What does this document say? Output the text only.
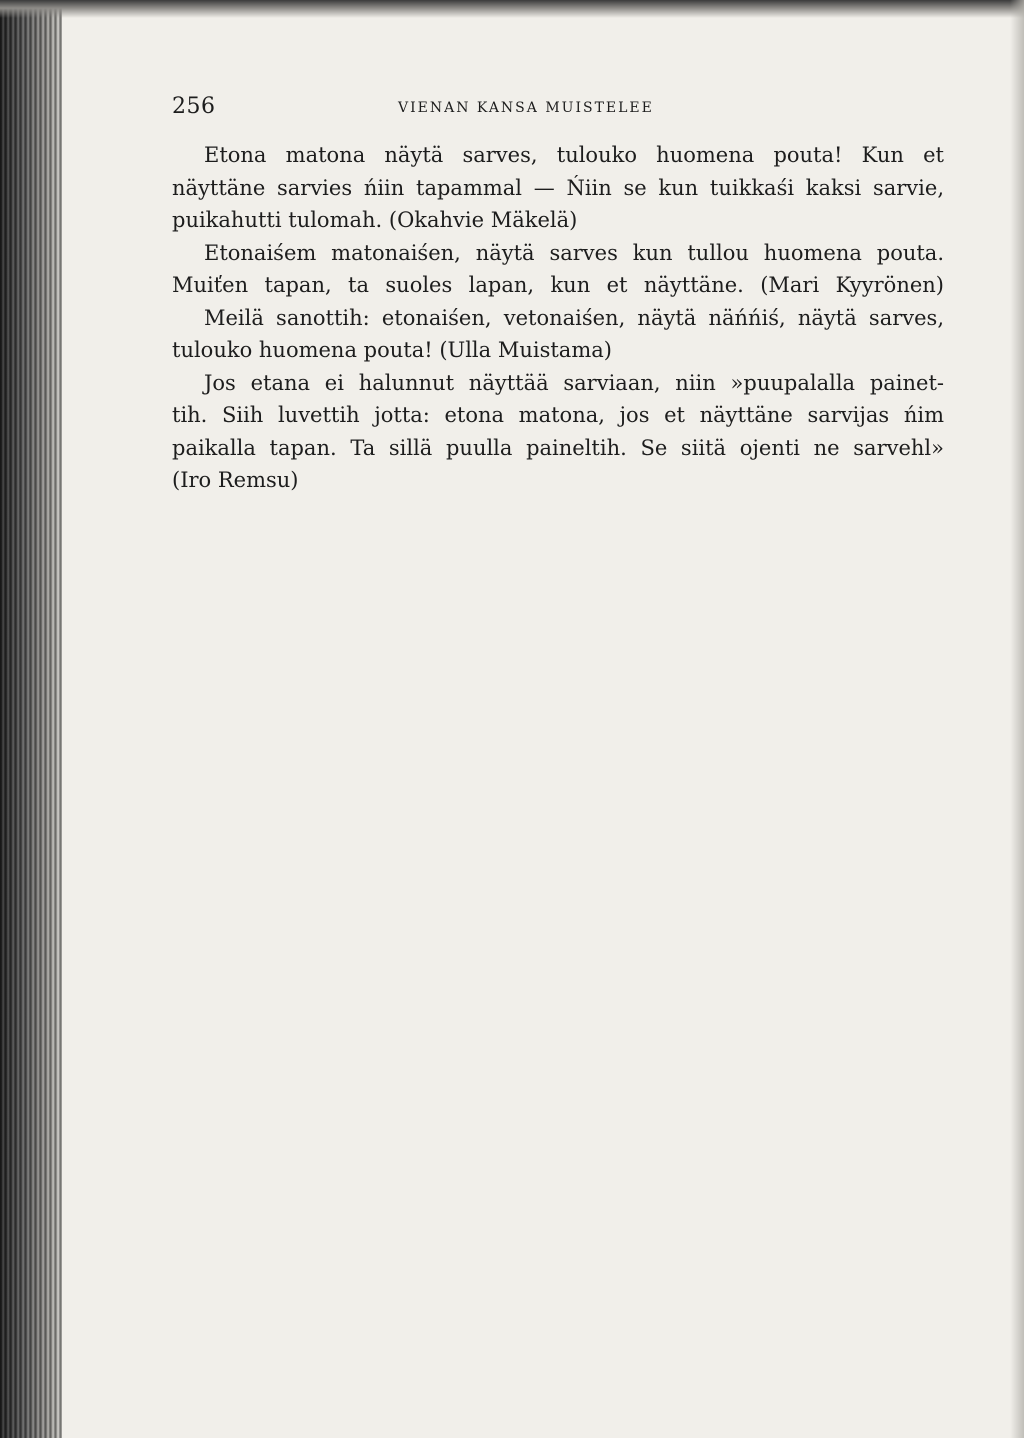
256	VIENAN KANSA MUISTELEE
Etona matona näytä sarves, tulouko huomena pouta! Kun et
näyttäne sarvies ńiin tapammal — Ńiin se kun tuikkaśi kaksi sarvie,
puikahutti tulomah. (Okahvie Mäkelä)
Etonaiśem matonaiśen, näytä sarves kun tullou huomena pouta.
Muiťen tapan, ta suoles lapan, kun et näyttäne. (Mari Kyyrönen)
Meilä sanottih: etonaiśen, vetonaiśen, näytä näńńiś, näytä sarves,
tulouko huomena pouta! (Ulla Muistama)
Jos etana ei halunnut näyttää sarviaan, niin »puupalalla painet-
tih. Siih luvettih jotta: etona matona, jos et näyttäne sarvijas ńim
paikalla tapan. Ta sillä puulla paineltih. Se siitä ojenti ne sarvehl»
(Iro Remsu)
